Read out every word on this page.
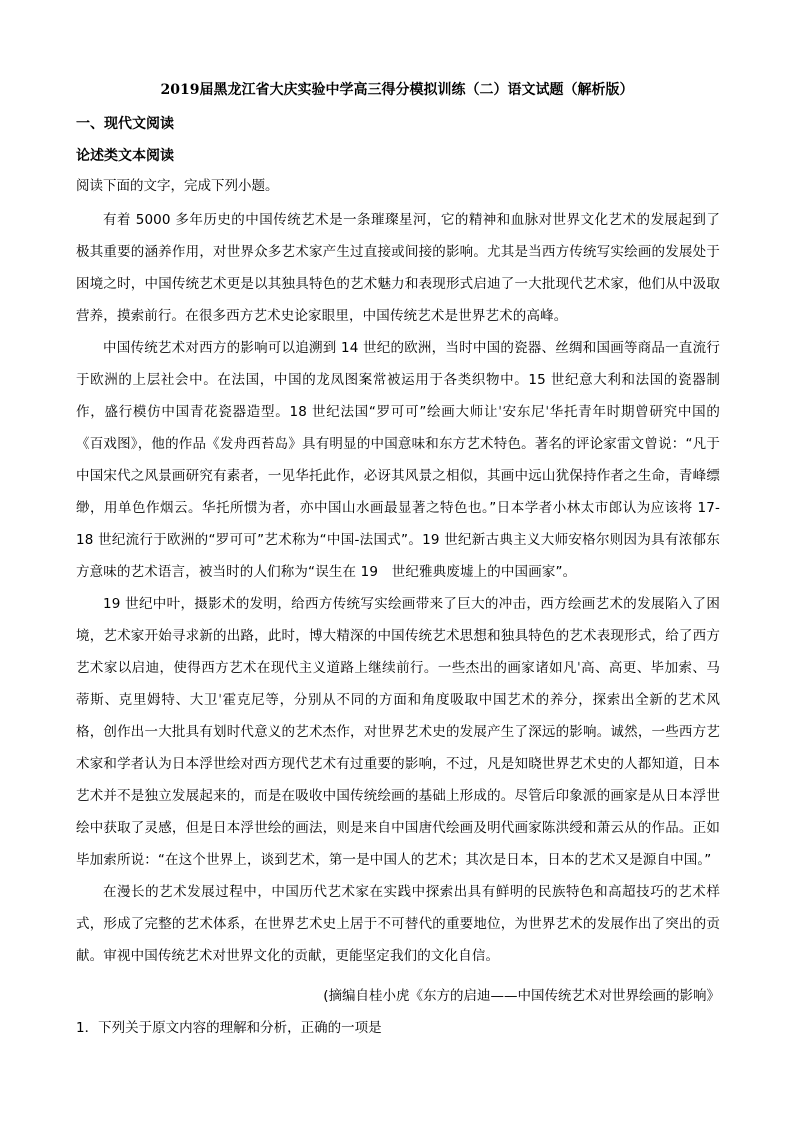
2019届黑龙江省大庆实验中学高三得分模拟训练（二）语文试题（解析版）
一、现代文阅读
论述类文本阅读
阅读下面的文字，完成下列小题。

有着 5000 多年历史的中国传统艺术是一条璀璨星河，它的精神和血脉对世界文化艺术的发展起到了极其重要的涵养作用，对世界众多艺术家产生过直接或间接的影响。尤其是当西方传统写实绘画的发展处于困境之时，中国传统艺术更是以其独具特色的艺术魅力和表现形式启迪了一大批现代艺术家，他们从中汲取营养，摸索前行。在很多西方艺术史论家眼里，中国传统艺术是世界艺术的高峰。

中国传统艺术对西方的影响可以追溯到 14 世纪的欧洲，当时中国的瓷器、丝绸和国画等商品一直流行于欧洲的上层社会中。在法国，中国的龙凤图案常被运用于各类织物中。15 世纪意大利和法国的瓷器制作，盛行模仿中国青花瓷器造型。18 世纪法国“罗可可”绘画大师让ˈ安东尼ˈ华托青年时期曾研究中国的《百戏图》，他的作品《发舟西苔岛》具有明显的中国意味和东方艺术特色。著名的评论家雷文曾说：“凡于中国宋代之风景画研究有素者，一见华托此作，必讶其风景之相似，其画中远山犹保持作者之生命，青峰缥缈，用单色作烟云。华托所惯为者，亦中国山水画最显著之特色也。”日本学者小林太市郎认为应该将 17-18 世纪流行于欧洲的“罗可可”艺术称为“中国-法国式”。19 世纪新古典主义大师安格尔则因为具有浓郁东方意味的艺术语言，被当时的人们称为“误生在 19　世纪雅典废墟上的中国画家”。

19 世纪中叶，摄影术的发明，给西方传统写实绘画带来了巨大的冲击，西方绘画艺术的发展陷入了困境，艺术家开始寻求新的出路，此时，博大精深的中国传统艺术思想和独具特色的艺术表现形式，给了西方艺术家以启迪，使得西方艺术在现代主义道路上继续前行。一些杰出的画家诸如凡ˈ高、高更、毕加索、马蒂斯、克里姆特、大卫ˈ霍克尼等，分别从不同的方面和角度吸取中国艺术的养分，探索出全新的艺术风格，创作出一大批具有划时代意义的艺术杰作，对世界艺术史的发展产生了深远的影响。诚然，一些西方艺术家和学者认为日本浮世绘对西方现代艺术有过重要的影响，不过，凡是知晓世界艺术史的人都知道，日本艺术并不是独立发展起来的，而是在吸收中国传统绘画的基础上形成的。尽管后印象派的画家是从日本浮世绘中获取了灵感，但是日本浮世绘的画法，则是来自中国唐代绘画及明代画家陈洪绶和萧云从的作品。正如毕加索所说：“在这个世界上，谈到艺术，第一是中国人的艺术；其次是日本，日本的艺术又是源自中国。”

在漫长的艺术发展过程中，中国历代艺术家在实践中探索出具有鲜明的民族特色和高超技巧的艺术样式，形成了完整的艺术体系，在世界艺术史上居于不可替代的重要地位，为世界艺术的发展作出了突出的贡献。审视中国传统艺术对世界文化的贡献，更能坚定我们的文化自信。

(摘编自桂小虎《东方的启迪——中国传统艺术对世界绘画的影响》
1．下列关于原文内容的理解和分析，正确的一项是
